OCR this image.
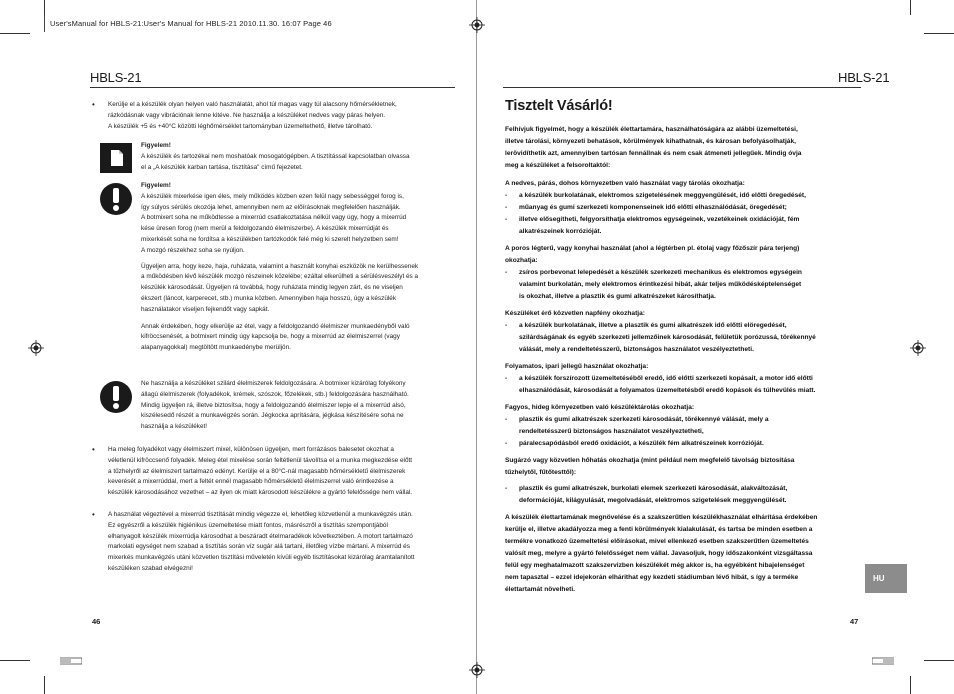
User'sManual for HBLS-21:User's Manual for HBLS-21 2010.11.30. 16:07 Page 46
HBLS-21
• Kerülje el a készülék olyan helyen való használatát, ahol túl magas vagy túl alacsony hőmérsékletnek,
rázkódásnak vagy vibrációnak lenne kitéve. Ne használja a készüléket nedves vagy páras helyen.
A készülék +5 és +40°C közötti léghőmérséklet tartományban üzemeltethető, illetve tárolható.
Figyelem!
A készülék és tartozékai nem moshatóak mosogatógépben. A tisztítással kapcsolatban olvassa
el a „A készülék karban tartása, tisztítása" című fejezetet.
Figyelem!
A készülék mixerkése igen éles, mely működés közben ezen felül nagy sebességgel forog is,
így súlyos sérülés okozója lehet, amennyiben nem az előírásoknak megfelelően használják.
A botmixert soha ne működtesse a mixerrúd csatlakoztatása nélkül vagy úgy, hogy a mixerrúd
kése üresen forog (nem merül a feldolgozandó élelmiszerbe). A készülék mixerrúdját és
mixerkését soha ne fordítsa a készülékben tartózkodók felé még ki szerelt helyzetben sem!
A mozgó részekhez soha se nyúljon.
Ügyeljen arra, hogy keze, haja, ruházata, valamint a használt konyhai eszközök ne kerülhessenek
a működésben lévő készülék mozgó részeinek közelébe; ezáltal elkerülheti a sérülésveszélyt és a
készülék károsodását. Ügyeljen rá továbbá, hogy ruházata mindig legyen zárt, és ne viseljen
ékszert (láncot, karperecet, stb.) munka közben. Amennyiben haja hosszú, úgy a készülék
használatakor viseljen fejkendőt vagy sapkát.
Annak érdekében, hogy elkerülje az étel, vagy a feldolgozandó élelmiszer munkaedényből való
kifröccsenését, a botmixert mindig úgy kapcsolja be, hogy a mixerrúd az élelmiszerrel (vagy
alapanyagokkal) megtöltött munkaedénybe merüljön.
Ne használja a készüléket szilárd élelmiszerek feldolgozására. A botmixer kizárólag folyékony
állagú élelmiszerek (folyadékok, krémek, szószok, főzelékek, stb.) feldolgozására használható.
Mindig ügyeljen rá, illetve biztosítsa, hogy a feldolgozandó élelmiszer lepje el a mixerrúd alsó,
kiszélesedő részét a munkavégzés során. Jégkocka aprítására, jégkása készítésére soha ne
használja a készüléket!
• Ha meleg folyadékot vagy élelmiszert mixel, különösen ügyeljen, mert forrázásos balesetet okozhat a
véletlenül kifröccsenő folyadék. Meleg étel mixelése során feltétlenül távolítsa el a munka megkezdése előtt
a tűzhelyről az élelmiszert tartalmazó edényt. Kerülje el a 80°C-nál magasabb hőmérsékletű élelmiszerek
keverését a mixerrúddal, mert a feltét ennél magasabb hőmérsékletű élelmiszerrel való érintkezése a
készülék károsodásához vezethet – az ilyen ok miatt károsodott készülékre a gyártó felelőssége nem vállal.
• A használat végeztével a mixerrúd tisztítását mindig végezze el, lehetőleg közvetlenül a munkavégzés után.
Ez egyészről a készülék higiénikus üzemeltetése miatt fontos, másrészről a tisztítás szempontjából
elhanyagolt készülék mixerrúdja károsodhat a beszáradt ételmaradékok következtében. A motort tartalmazó
markolati egységet nem szabad a tisztítás során víz sugár alá tartani, illetőleg vízbe mártani. A mixerrúd és
mixerkés munkavégzés utáni közvetlen tisztítási műveletén kívüli egyéb tisztításokat kizárólag áramtalanított
készüléken szabad elvégezni!
46
HBLS-21
Tisztelt Vásárló!
Felhívjuk figyelmét, hogy a készülék élettartamára, használhatóságára az alábbi üzemeltetési,
illetve tárolási, környezeti behatások, körülmények kihathatnak, és károsan befolyásolhatják,
lerövidíthetik azt, amennyiben tartósan fennállnak és nem csak átmeneti jellegűek. Mindig óvja
meg a készüléket a felsoroltaktól:
A nedves, párás, dohos környezetben való használat vagy tárolás okozhatja:
-	a készülék burkolatának, elektromos szigetelésének meggyengülését, idő előtti öregedését,
-	műanyag és gumi szerkezeti komponenseinek idő előtti elhasználódását, öregedését;
-	illetve elősegítheti, felgyorsíthatja elektromos egységeinek, vezetékeinek oxidációját, fém
alkatrészeinek korrózióját.
A poros légterű, vagy konyhai használat (ahol a légtérben pl. étolaj vagy főzőszír pára terjeng)
okozhatja:
-	zsíros porbevonat lelepedését a készülék szerkezeti mechanikus és elektromos egységein
valamint burkolatán, mely elektromos érintkezési hibát, akár teljes működésképtelenséget
is okozhat, illetve a plasztik és gumi alkatrészeket károsíthatja.
Készüléket érő közvetlen napfény okozhatja:
-	a készülék burkolatának, illetve a plasztik és gumi alkatrészek idő előtti elöregedését,
szilárdságának és egyéb szerkezeti jellemzőinek károsodását, felületük porózussá, törékennyé
válását, mely a rendeltetésszerű, biztonságos használatot veszélyeztetheti.
Folyamatos, ipari jellegű használat okozhatja:
-	a készülék forszírozott üzemeltetéséből eredő, idő előtti szerkezeti kopásait, a motor idő előtti
elhasználódását, károsodását a folyamatos üzemeltetésből eredő kopások és túlhevülés miatt.
Fagyos, hideg környezetben való készüléktárolás okozhatja:
-	plasztik és gumi alkatrészek szerkezeti károsodását, törékennyé válását, mely a
rendeltetésszerű biztonságos használatot veszélyeztetheti,
-	páralecsapódásból eredő oxidációt, a készülék fém alkatrészeinek korrózióját.
Sugárzó vagy közvetlen hőhatás okozhatja (mint például nem megfelelő távolság biztosítása
tűzhelytől, fűtőtesttől):
-	plasztik és gumi alkatrészek, burkolati elemek szerkezeti károsodását, alakváltozását,
deformációját, kilágyulását, megolvadását, elektromos szigetelések meggyengülését.
A készülék élettartamának megnövelése és a szakszerűtlen készülékhasználat elhárítása érdekében
kerülje el, illetve akadályozza meg a fenti körülmények kialakulását, és tartsa be minden esetben a
termékre vonatkozó üzemeltetési előírásokat, mivel ellenkező esetben szakszerűtlen üzemeltetés
valósít meg, melyre a gyártó felelősséget nem vállal. Javasoljuk, hogy időszakonként vizsgáltassa
felül egy meghatalmazott szakszervizben készülékét még akkor is, ha egyébként hibajelenséget
nem tapasztal – ezzel idejekorán elhárithat egy kezdeti stádiumban lévő hibát, s így a terméke
élettartamát növelheti.
HU
47
